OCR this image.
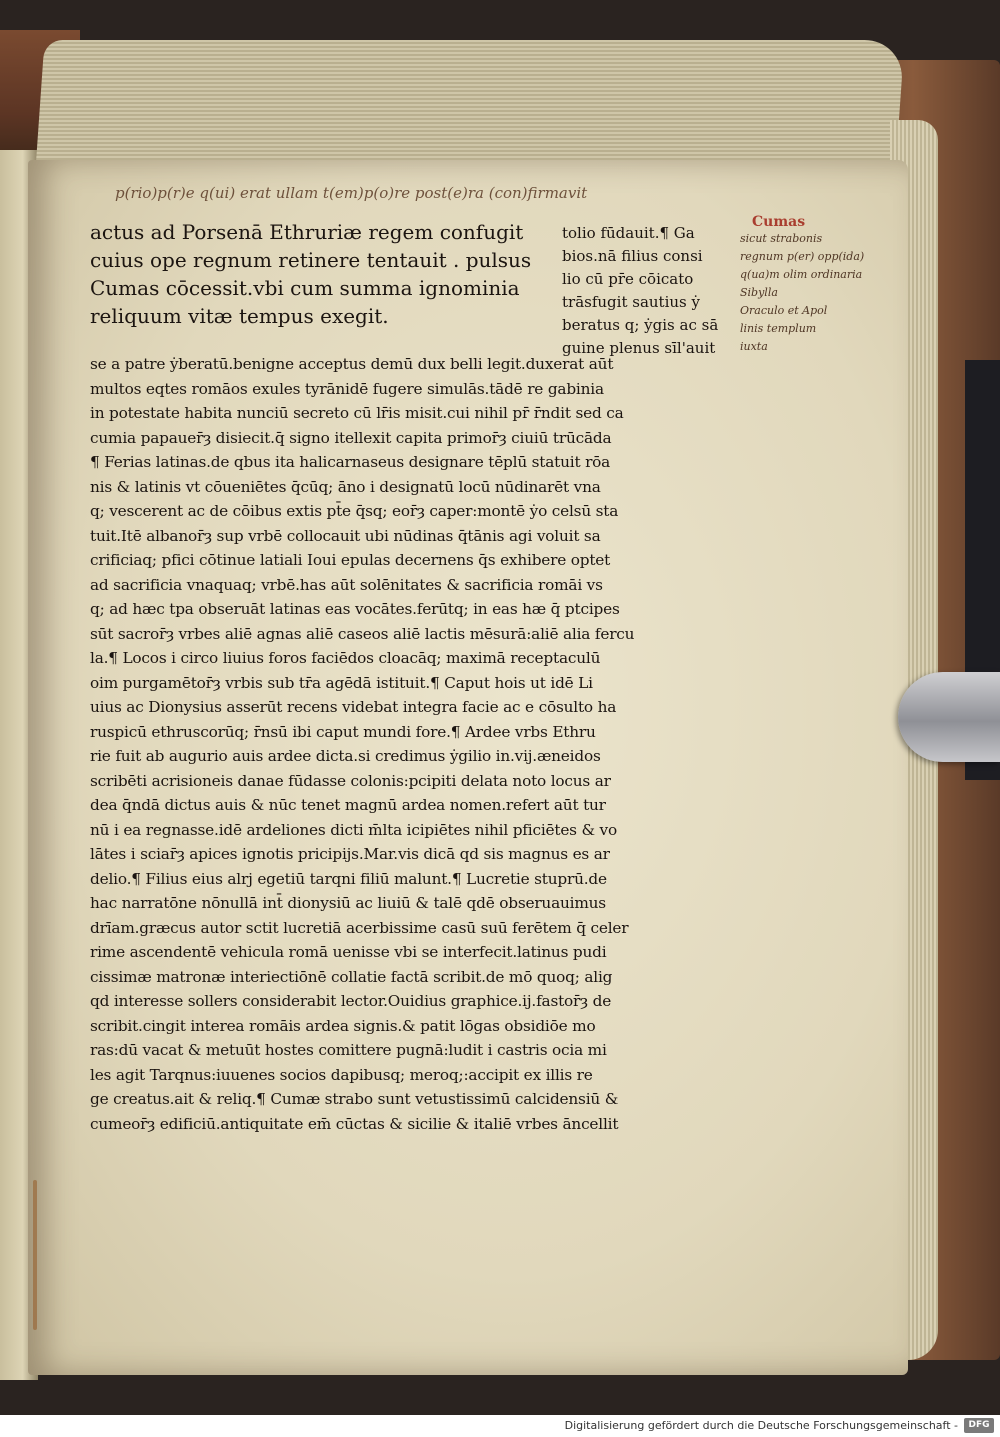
p(rio)p(r)e q(ui) erat ullam t(em)p(o)re post(e)ra (con)firmavit
Cumas
sicut strabonis
regnum p(er) opp(ida)
q(ua)m olim ordinaria
Sibylla
Oraculo et Apol
linis templum
iuxta
actus ad Porsenā Ethruriæ regem confugit
cuius ope regnum retinere tentauit . pulsus
Cumas cōcessit.vbi cum summa ignominia
reliquum vitæ tempus exegit.
tolio fūdauit.¶ Ga
bios.nā filius consi
lio cū pr̄e cōicato
trāsfugit sautius ẏ
beratus q; ẏgis ac sā
guine plenus sīl'auit
se a patre ẏberatū.benigne acceptus demū dux belli legit.duxerat aūt
multos eqtes romāos exules tyrānidē fugere simulās.tādē re gabinia
in potestate habita nunciū secreto cū lr̄is misit.cui nihil pr̄ r̄ndit sed ca
cumia papauer̄ȝ disiecit.q̄ signo itellexit capita primor̄ȝ ciuiū trūcāda
¶ Ferias latinas.de qbus ita halicarnaseus designare tēplū statuit rōa
nis & latinis vt cōueniētes q̄cūq; āno i designatū locū nūdinarēt vna
q; vescerent ac de cōibus extis pt̄e q̄sq; eor̄ȝ caper:montē ẏo celsū sta
tuit.Itē albanor̄ȝ sup vrbē collocauit ubi nūdinas q̄tānis agi voluit sa
crificiaq; pfici cōtinue latiali Ioui epulas decernens q̄s exhibere optet
ad sacrificia vnaquaq; vrbē.has aūt solēnitates & sacrificia romāi vs
q; ad hæc tpa obseruāt latinas eas vocātes.ferūtq; in eas hæ q̄ ptcipes
sūt sacror̄ȝ vrbes aliē agnas aliē caseos aliē lactis mēsurā:aliē alia fercu
la.¶ Locos i circo liuius foros faciēdos cloacāq; maximā receptaculū
oim purgamētor̄ȝ vrbis sub tr̄a agēdā istituit.¶ Caput hois ut idē Li
uius ac Dionysius asserūt recens videbat integra facie ac e cōsulto ha
ruspicū ethruscorūq; r̄nsū ibi caput mundi fore.¶ Ardee vrbs Ethru
rie fuit ab augurio auis ardee dicta.si credimus ẏgilio in.vij.æneidos
scribēti acrisioneis danae fūdasse colonis:pcipiti delata noto locus ar
dea q̄ndā dictus auis & nūc tenet magnū ardea nomen.refert aūt tur
nū i ea regnasse.idē ardeliones dicti m̄lta icipiētes nihil pficiētes & vo
lātes i sciar̄ȝ apices ignotis pricipijs.Mar.vis dicā qd sis magnus es ar
delio.¶ Filius eius alrj egetiū tarqni filiū malunt.¶ Lucretie stuprū.de
hac narratōne nōnullā int̄ dionysiū ac liuiū & talē qdē obseruauimus
drīam.græcus autor sctit lucretiā acerbissime casū suū ferētem q̄ celer
rime ascendentē vehicula romā uenisse vbi se interfecit.latinus pudi
cissimæ matronæ interiectiōnē collatie factā scribit.de mō quoq; alig
qd interesse sollers considerabit lector.Ouidius graphice.ij.fastor̄ȝ de
scribit.cingit interea romāis ardea signis.& patit lōgas obsidiōe mo
ras:dū vacat & metuūt hostes comittere pugnā:ludit i castris ocia mi
les agit Tarqnus:iuuenes socios dapibusq; meroq;:accipit ex illis re
ge creatus.ait & reliq.¶ Cumæ strabo sunt vetustissimū calcidensiū &
cumeor̄ȝ edificiū.antiquitate em̄ cūctas & sicilie & italiē vrbes āncellit
Digitalisierung gefördert durch die Deutsche Forschungsgemeinschaft -	DFG
